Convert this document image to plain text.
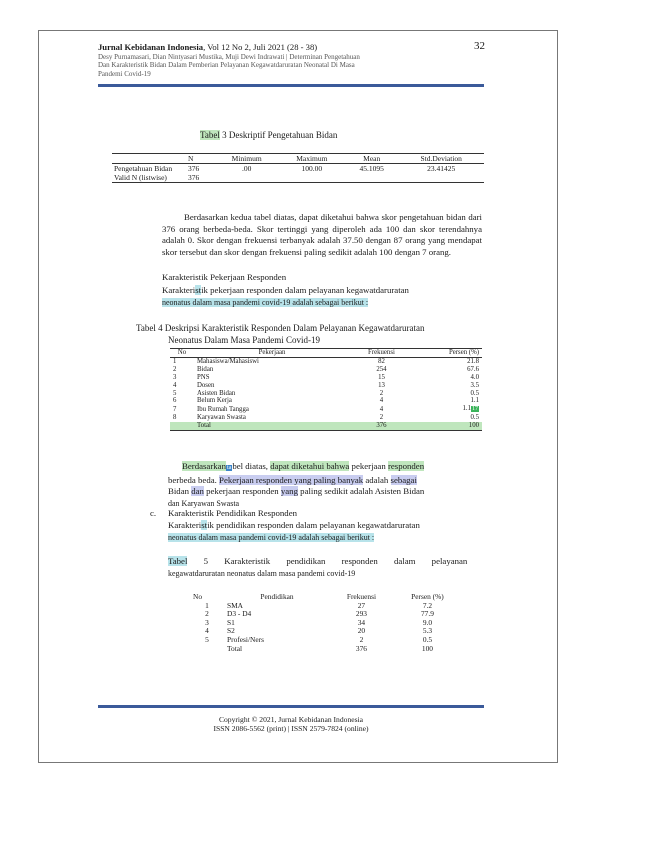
Jurnal Kebidanan Indonesia, Vol 12 No 2, Juli 2021 (28 - 38)	32
Desy Purnamasari, Dian Nintyasari Mustika, Muji Dewi Indrawati | Determinan Pengetahuan
Dan Karakteristik Bidan Dalam Pemberian Pelayanan Kegawatdaruratan Neonatal Di Masa
Pandemi Covid-19
Tabel 3 Deskriptif Pengetahuan Bidan
	N	Minimum	Maximum	Mean	Std.Deviation
Pengetahuan Bidan	376	.00	100.00	45.1095	23.41425
Valid N (listwise)	376				
Berdasarkan kedua tabel diatas, dapat diketahui bahwa skor pengetahuan bidan dari 376 orang berbeda-beda. Skor tertinggi yang diperoleh ada 100 dan skor terendahnya adalah 0. Skor dengan frekuensi terbanyak adalah 37.50 dengan 87 orang yang mendapat skor tersebut dan skor dengan frekuensi paling sedikit adalah 100 dengan 7 orang.
Karakteristik Pekerjaan Responden
Karakteristik pekerjaan responden dalam pelayanan kegawatdaruratan
neonatus dalam masa pandemi covid-19 adalah sebagai berikut :
Tabel 4 Deskripsi Karakteristik Responden Dalam Pelayanan Kegawatdaruratan
Neonatus Dalam Masa Pandemi Covid-19
No	Pekerjaan	Frekuensi	Persen (%)
1	Mahasiswa/Mahasiswi	82	21.8
2	Bidan	254	67.6
3	PNS	15	4.0
4	Dosen	13	3.5
5	Asisten Bidan	2	0.5
6	Belum Kerja	4	1.1
7	Ibu Rumah Tangga	4	1.117
8	Karyawan Swasta	2	0.5
	Total	376	100
Berdasarkantabel diatas, dapat diketahui bahwa pekerjaan responden
berbeda beda. Pekerjaan responden yang paling banyak adalah sebagai
Bidan dan pekerjaan responden yang paling sedikit adalah Asisten Bidan
dan Karyawan Swasta
c. Karakteristik Pendidikan Responden
Karakteristik pendidikan responden dalam pelayanan kegawatdaruratan
neonatus dalam masa pandemi covid-19 adalah sebagai berikut :
Tabel 5 Karakteristik pendidikan responden dalam pelayanan
kegawatdaruratan neonatus dalam masa pandemi covid-19
No	Pendidikan	Frekuensi	Persen (%)
1	SMA	27	7.2
2	D3 - D4	293	77.9
3	S1	34	9.0
4	S2	20	5.3
5	Profesi/Ners	2	0.5
	Total	376	100
Copyright © 2021, Jurnal Kebidanan Indonesia
ISSN 2086-5562 (print) | ISSN 2579-7824 (online)
